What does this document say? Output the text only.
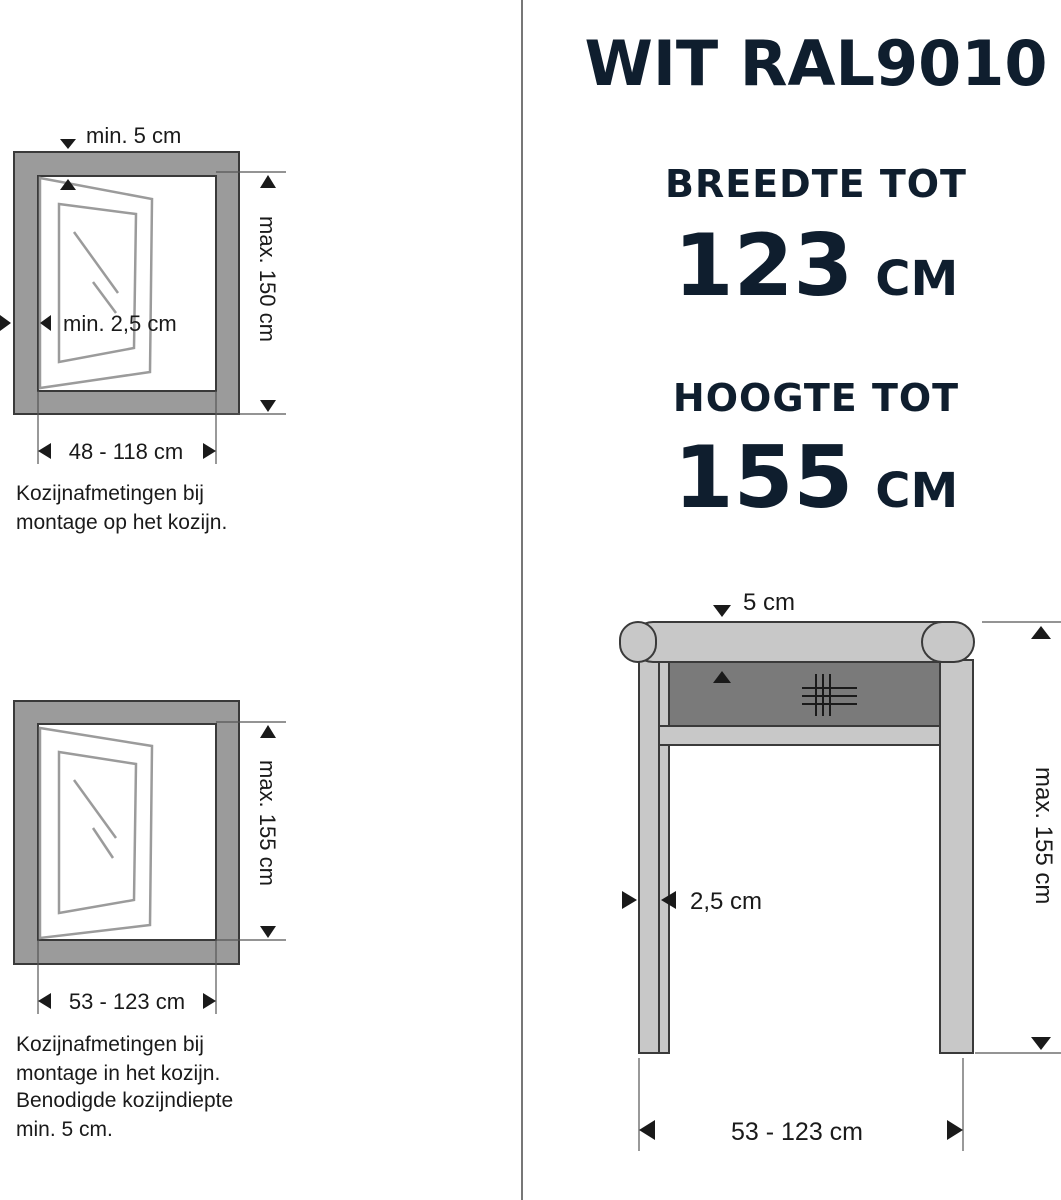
WIT RAL9010
BREEDTE TOT
123 CM
HOOGTE TOT
155 CM
min. 5 cm
min. 2,5 cm	max. 150 cm
48 - 118 cm
Kozijnafmetingen bij montage op het kozijn.
max. 155 cm
53 - 123 cm
Kozijnafmetingen bij montage in het kozijn. Benodigde kozijndiepte min. 5 cm.
5 cm
2,5 cm	max. 155 cm
53 - 123 cm
